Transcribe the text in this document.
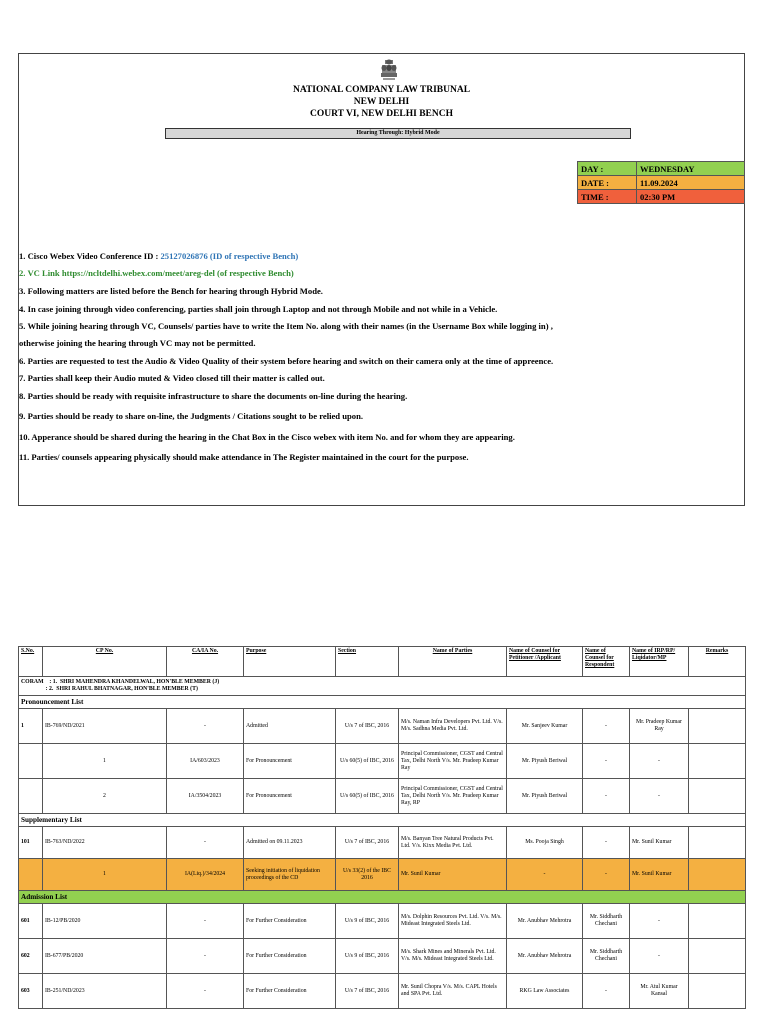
NATIONAL COMPANY LAW TRIBUNAL
NEW DELHI
COURT VI, NEW DELHI BENCH
Hearing Through: Hybrid Mode
DAY :	WEDNESDAY
DATE :	11.09.2024
TIME :	02:30 PM
1. Cisco Webex Video Conference ID : 25127026876 (ID of respective Bench)
2. VC Link https://ncltdelhi.webex.com/meet/areg-del (of respective Bench)
3. Following matters are listed before the Bench for hearing through Hybrid Mode.
4. In case joining through video conferencing, parties shall join through Laptop and not through Mobile and not while in a Vehicle.
5. While joining hearing through VC, Counsels/ parties have to write the Item No. along with their names (in the Username Box while logging in) ,
otherwise joining the hearing through VC may not be permitted.
6. Parties are requested to test the Audio & Video Quality of their system before hearing and switch on their camera only at the time of appreence.
7. Parties shall keep their Audio muted & Video closed till their matter is called out.
8. Parties should be ready with requisite infrastructure to share the documents on-line during the hearing.
9. Parties should be ready to share on-line, the Judgments / Citations sought to be relied upon.
10. Apperance should be shared during the hearing in the Chat Box in the Cisco webex with item No. and for whom they are appearing.
11. Parties/ counsels appearing physically should make attendance in The Register maintained in the court for the purpose.
S.No.	CP No.	CA/IA No.	Purpose	Section	Name of Parties	Name of Counsel for Petitioner /Applicant	Name of Counsel for Respondent	Name of IRP/RP/ Liqidator/MP	Remarks

CORAM    : 1.  SHRI MAHENDRA KHANDELWAL, HON'BLE MEMBER (J)
: 2.  SHRI RAHUL BHATNAGAR, HON'BLE MEMBER (T)									

Pronouncement List									
1	IB-769/ND/2021	-	Admitted	U/s 7 of IBC, 2016	M/s. Naman Infra Developers Pvt. Ltd. V/s. M/s. Sadhna Media Pvt. Ltd.	Mr. Sanjeev Kumar	-	Mr. Pradeep Kumar Ray	
	1	IA/603/2023	For Pronouncement	U/s 60(5) of IBC, 2016	Principal Commissioner, CGST and Central Tax, Delhi North V/s. Mr. Pradeep Kumar Ray	Mr. Piyush Beriwal	-	-	
	2	IA/3504/2023	For Pronouncement	U/s 60(5) of IBC, 2016	Principal Commissioner, CGST and Central Tax, Delhi North V/s. Mr. Pradeep Kumar Ray, RP	Mr. Piyush Beriwal	-	-	
Supplementary List									
101	IB-763/ND/2022	-	Admitted on 09.11.2023	U/s 7 of IBC, 2016	M/s. Banyan Tree Natural Products Pvt. Ltd. V/s. Kixx Media Pvt. Ltd.	Ms. Pooja Singh	-	Mr. Sunil Kumar	
	1	IA(Liq.)/34/2024	Seeking initiation of liquidation proceedings of the CD	U/s 33(2) of the IBC 2016	Mr. Sunil Kumar	-	-	Mr. Sunil Kumar	
Admission List									
601	IB-12/PB/2020	-	For Further Consideration	U/s 9 of IBC, 2016	M/s. Dolphin Resources Pvt. Ltd. V/s. M/s. Mideast Integrated Steels Ltd.	Mr. Anubhav Mehrotra	Mr. Siddharth Chechani	-	
602	IB-677/PB/2020	-	For Further Consideration	U/s 9 of IBC, 2016	M/s. Shark Mines and Minerals Pvt. Ltd. V/s. M/s. Mideast Integrated Steels Ltd.	Mr. Anubhav Mehrotra	Mr. Siddharth Chechani	-	
603	IB-251/ND/2023	-	For Further Consideration	U/s 7 of IBC, 2016	Mr. Sunil Chopra V/s. M/s. CAPL Hotels and SPA Pvt. Ltd.	RKG Law Associates	-	Mr. Atul Kumar Kansal	
